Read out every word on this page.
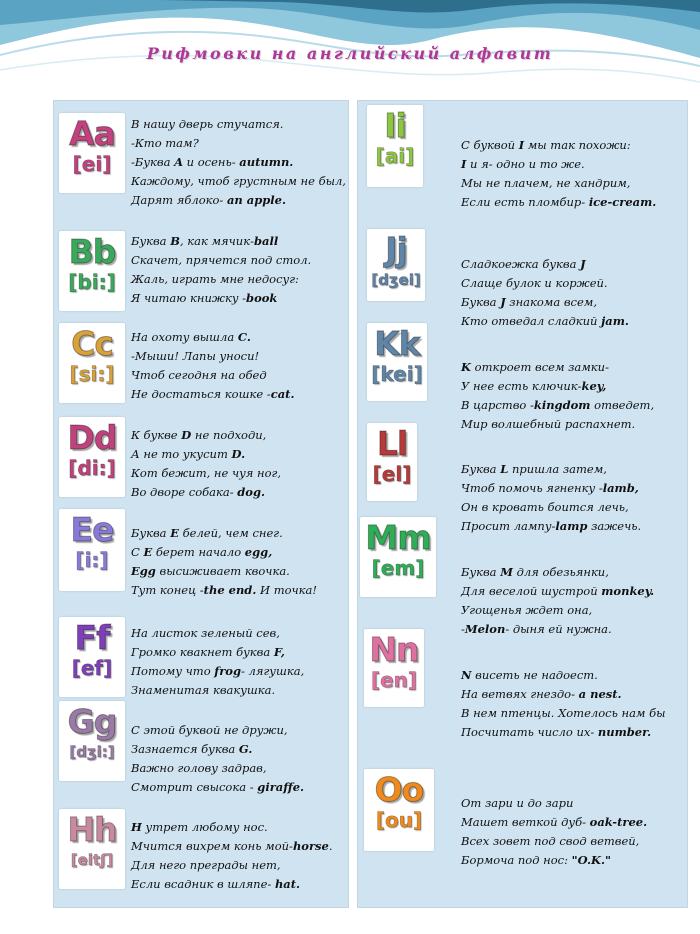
Рифмовки на английский алфавит
Aa
[ei]
В нашу дверь стучатся.
-Кто там?
-Буква A и осень- autumn.
Каждому, чтоб грустным не был,
Дарят яблоко- an apple.
Bb
[bi:]
Буква B, как мячик-ball
Скачет, прячется под стол.
Жаль, играть мне недосуг:
Я читаю книжку -book
Cc
[si:]
На охоту вышла C.
-Мыши! Лапы уноси!
Чтоб сегодня на обед
Не достаться кошке -cat.
Dd
[di:]
К букве D не подходи,
А не то укусит D.
Кот бежит, не чуя ног,
Во дворе собака- dog.
Ee
[i:]
Буква E белей, чем снег.
С E берет начало egg,
Egg высиживает квочка.
Тут конец -the end. И точка!
Ff
[ef]
На листок зеленый сев,
Громко квакнет буква F,
Потому что frog- лягушка,
Знаменитая квакушка.
Gg
[dʒi:]
С этой буквой не дружи,
Зазнается буква G.
Важно голову задрав,
Смотрит свысока - giraffe.
Hh
[eitʃ]
H утрет любому нос.
Мчится вихрем конь мой-horse.
Для него преграды нет,
Если всадник в шляпе- hat.
Ii
[ai]	С буквой I мы так похожи:
I и я- одно и то же.
Мы не плачем, не хандрим,
Если есть пломбир- ice-cream.
Jj
[dʒei]
Сладкоежка буква J
Слаще булок и коржей.
Буква J знакома всем,
Кто отведал сладкий jam.
Kk
[kei]	K откроет всем замки-
У нее есть ключик-key,
В царство -kingdom отведет,
Мир волшебный распахнет.
Ll
[el]	Буква L пришла затем,
Чтоб помочь ягненку -lamb,
Он в кровать боится лечь,
Просит лампу-lamp зажечь.
Mm
[em]	Буква M для обезьянки,
Для веселой шустрой monkey.
Угощенья ждет она,
-Melon- дыня ей нужна.
Nn
[en]	N висеть не надоест.
На ветвях гнездо- a nest.
В нем птенцы. Хотелось нам бы
Посчитать число их- number.
Oo
[ou]
От зари и до зари
Машет веткой дуб- oak-tree.
Всех зовет под свод ветвей,
Бормоча под нос: "O.K."
